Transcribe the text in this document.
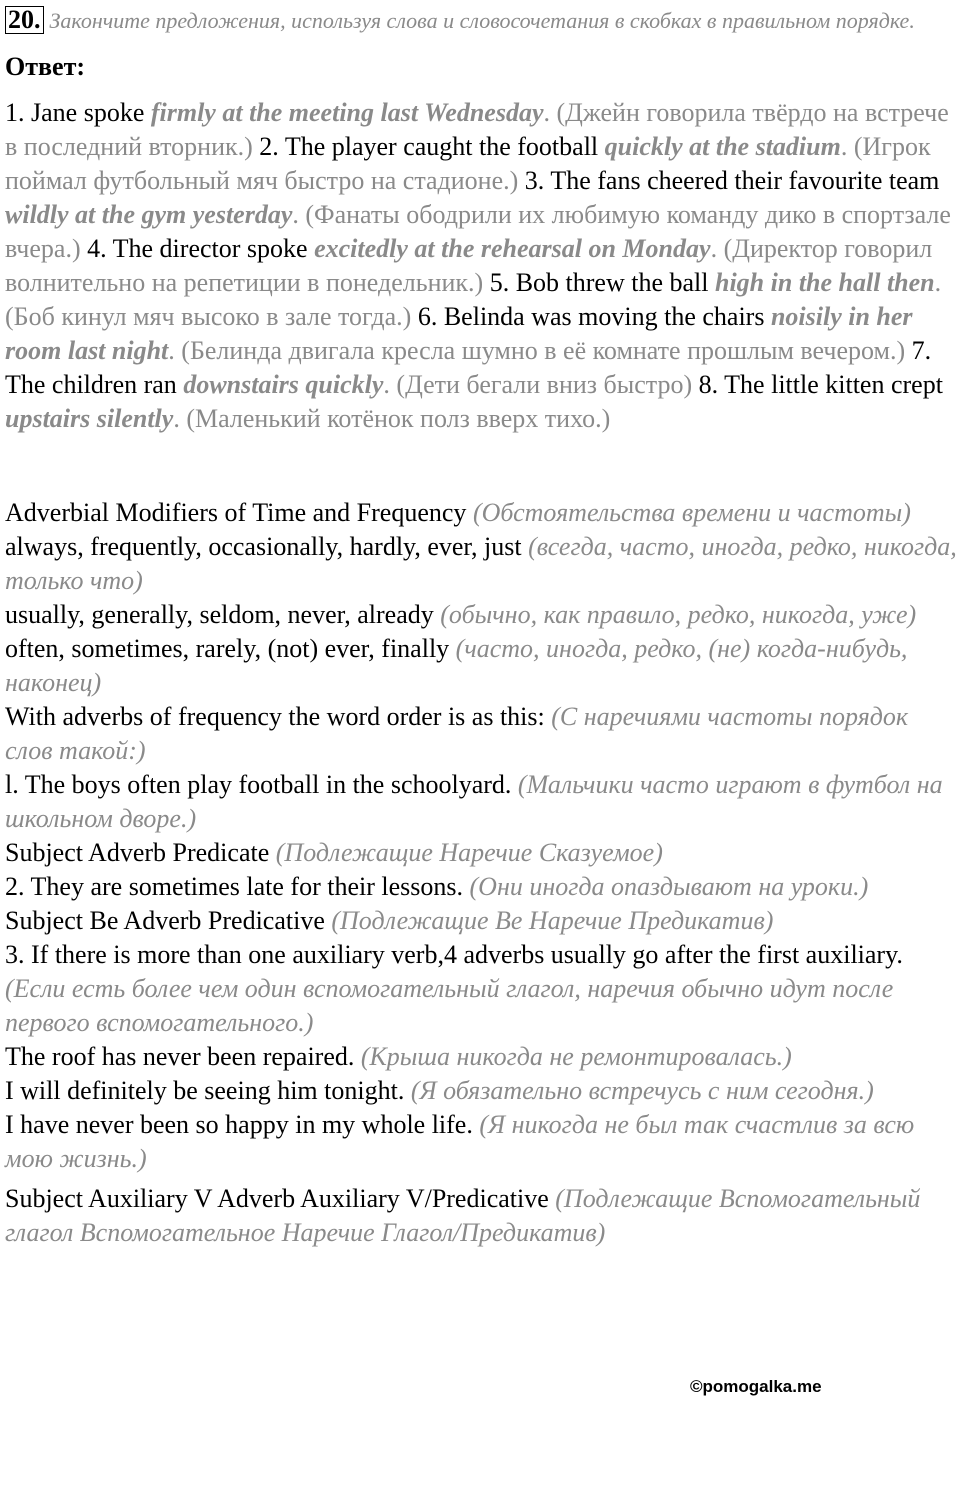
20. Закончите предложения, используя слова и словосочетания в скобках в правильном порядке.
Ответ:

1. Jane spoke firmly at the meeting last Wednesday. (Джейн говорила твёрдо на встрече в последний вторник.) 2. The player caught the football quickly at the stadium. (Игрок поймал футбольный мяч быстро на стадионе.) 3. The fans cheered their favourite team wildly at the gym yesterday. (Фанаты ободрили их любимую команду дико в спортзале вчера.) 4. The director spoke excitedly at the rehearsal on Monday. (Директор говорил волнительно на репетиции в понедельник.) 5. Bob threw the ball high in the hall then. (Боб кинул мяч высоко в зале тогда.) 6. Belinda was moving the chairs noisily in her room last night. (Белинда двигала кресла шумно в её комнате прошлым вечером.) 7. The children ran downstairs quickly. (Дети бегали вниз быстро) 8. The little kitten crept upstairs silently. (Маленький котёнок полз вверх тихо.)

Adverbial Modifiers of Time and Frequency (Обстоятельства времени и частоты)

always, frequently, occasionally, hardly, ever, just (всегда, часто, иногда, редко, никогда, только что)

usually, generally, seldom, never, already (обычно, как правило, редко, никогда, уже)

often, sometimes, rarely, (not) ever, finally (часто, иногда, редко, (не) когда-нибудь, наконец)

With adverbs of frequency the word order is as this: (С наречиями частоты порядок слов такой:)

l. The boys often play football in the schoolyard. (Мальчики часто играют в футбол на школьном дворе.)

Subject Adverb Predicate (Подлежащие Наречие Сказуемое)

2. They are sometimes late for their lessons. (Они иногда опаздывают на уроки.)

Subject Be Adverb Predicative (Подлежащие Be Наречие Предикатив)

3. If there is more than one auxiliary verb,4 adverbs usually go after the first auxiliary. (Если есть более чем один вспомогательный глагол, наречия обычно идут после первого вспомогательного.)

The roof has never been repaired. (Крыша никогда не ремонтировалась.)

I will definitely be seeing him tonight. (Я обязательно встречусь с ним сегодня.)

I have never been so happy in my whole life. (Я никогда не был так счастлив за всю мою жизнь.)

Subject Auxiliary V Adverb Auxiliary V/Predicative (Подлежащие Вспомогательный глагол Вспомогательное Наречие Глагол/Предикатив)

©pomogalka.me
